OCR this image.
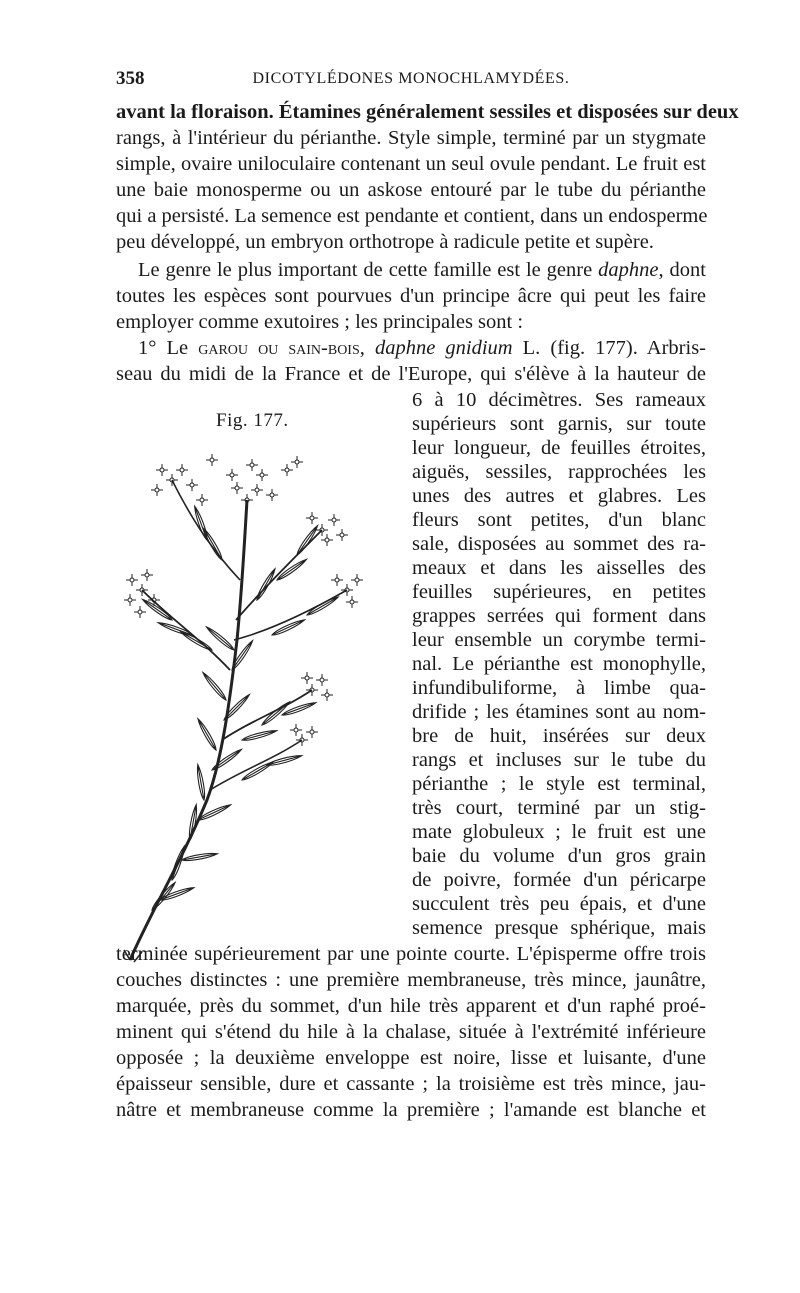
358	DICOTYLÉDONES MONOCHLAMYDÉES.
avant la floraison. Étamines généralement sessiles et disposées sur deux
rangs, à l'intérieur du périanthe. Style simple, terminé par un stygmate
simple, ovaire uniloculaire contenant un seul ovule pendant. Le fruit est
une baie monosperme ou un askose entouré par le tube du périanthe
qui a persisté. La semence est pendante et contient, dans un endosperme
peu développé, un embryon orthotrope à radicule petite et supère.
Le genre le plus important de cette famille est le genre daphne, dont
toutes les espèces sont pourvues d'un principe âcre qui peut les faire
employer comme exutoires ; les principales sont :
1° Le garou ou sain-bois, daphne gnidium L. (fig. 177). Arbris-
seau du midi de la France et de l'Europe, qui s'élève à la hauteur de
Fig. 177.
6 à 10 décimètres. Ses rameaux
supérieurs sont garnis, sur toute
leur longueur, de feuilles étroites,
aiguës, sessiles, rapprochées les
unes des autres et glabres. Les
fleurs sont petites, d'un blanc
sale, disposées au sommet des ra-
meaux et dans les aisselles des
feuilles supérieures, en petites
grappes serrées qui forment dans
leur ensemble un corymbe termi-
nal. Le périanthe est monophylle,
infundibuliforme, à limbe qua-
drifide ; les étamines sont au nom-
bre de huit, insérées sur deux
rangs et incluses sur le tube du
périanthe ; le style est terminal,
très court, terminé par un stig-
mate globuleux ; le fruit est une
baie du volume d'un gros grain
de poivre, formée d'un péricarpe
succulent très peu épais, et d'une
semence presque sphérique, mais
terminée supérieurement par une pointe courte. L'épisperme offre trois
couches distinctes : une première membraneuse, très mince, jaunâtre,
marquée, près du sommet, d'un hile très apparent et d'un raphé proé-
minent qui s'étend du hile à la chalase, située à l'extrémité inférieure
opposée ; la deuxième enveloppe est noire, lisse et luisante, d'une
épaisseur sensible, dure et cassante ; la troisième est très mince, jau-
nâtre et membraneuse comme la première ; l'amande est blanche et
